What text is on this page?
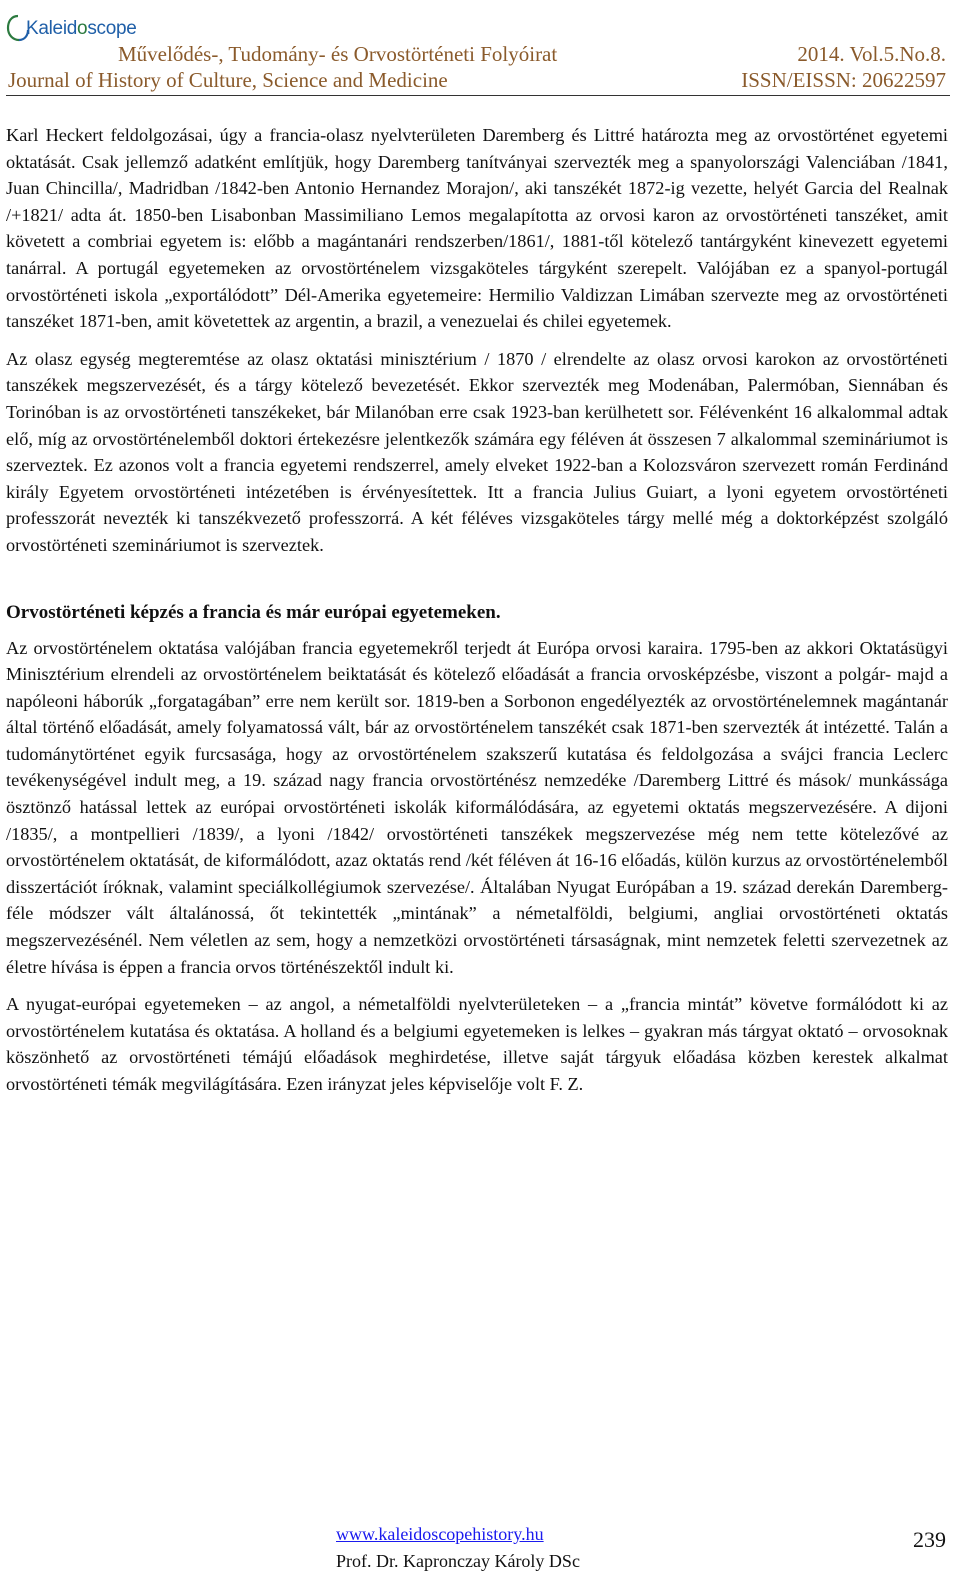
Kaleidoscope
Művelődés-, Tudomány- és Orvostörténeti Folyóirat	2014. Vol.5.No.8.
Journal of History of Culture, Science and Medicine	ISSN/EISSN: 20622597

Karl Heckert feldolgozásai, úgy a francia-olasz nyelvterületen Daremberg és Littré határozta meg az orvostörténet egyetemi oktatását. Csak jellemző adatként említjük, hogy Daremberg tanítványai szervezték meg a spanyolországi Valenciában /1841, Juan Chincilla/, Madridban /1842-ben Antonio Hernandez Morajon/, aki tanszékét 1872-ig vezette, helyét Garcia del Realnak /+1821/ adta át. 1850-ben Lisabonban Massimiliano Lemos megalapította az orvosi karon az orvostörténeti tanszéket, amit követett a combriai egyetem is: előbb a magántanári rendszerben/1861/, 1881-től kötelező tantárgyként kinevezett egyetemi tanárral. A portugál egyetemeken az orvostörténelem vizsgaköteles tárgyként szerepelt. Valójában ez a spanyol-portugál orvostörténeti iskola „exportálódott” Dél-Amerika egyetemeire: Hermilio Valdizzan Limában szervezte meg az orvostörténeti tanszéket 1871-ben, amit követettek az argentin, a brazil, a venezuelai és chilei egyetemek.

Az olasz egység megteremtése az olasz oktatási minisztérium / 1870 / elrendelte az olasz orvosi karokon az orvostörténeti tanszékek megszervezését, és a tárgy kötelező bevezetését. Ekkor szervezték meg Modenában, Palermóban, Siennában és Torinóban is az orvostörténeti tanszékeket, bár Milanóban erre csak 1923-ban kerülhetett sor. Félévenként 16 alkalommal adtak elő, míg az orvostörténelemből doktori értekezésre jelentkezők számára egy féléven át összesen 7 alkalommal szemináriumot is szerveztek. Ez azonos volt a francia egyetemi rendszerrel, amely elveket 1922-ban a Kolozsváron szervezett román Ferdinánd király Egyetem orvostörténeti intézetében is érvényesítettek. Itt a francia Julius Guiart, a lyoni egyetem orvostörténeti professzorát nevezték ki tanszékvezető professzorrá. A két féléves vizsgaköteles tárgy mellé még a doktorképzést szolgáló orvostörténeti szemináriumot is szerveztek.

Orvostörténeti képzés a francia és már európai egyetemeken.

Az orvostörténelem oktatása valójában francia egyetemekről terjedt át Európa orvosi karaira. 1795-ben az akkori Oktatásügyi Minisztérium elrendeli az orvostörténelem beiktatását és kötelező előadását a francia orvosképzésbe, viszont a polgár- majd a napóleoni háborúk „forgatagában” erre nem került sor. 1819-ben a Sorbonon engedélyezték az orvostörténelemnek magántanár által történő előadását, amely folyamatossá vált, bár az orvostörténelem tanszékét csak 1871-ben szervezték át intézetté. Talán a tudománytörténet egyik furcsasága, hogy az orvostörténelem szakszerű kutatása és feldolgozása a svájci francia Leclerc tevékenységével indult meg, a 19. század nagy francia orvostörténész nemzedéke /Daremberg Littré és mások/ munkássága ösztönző hatással lettek az európai orvostörténeti iskolák kiformálódására, az egyetemi oktatás megszervezésére. A dijoni /1835/, a montpellieri /1839/, a lyoni /1842/ orvostörténeti tanszékek megszervezése még nem tette kötelezővé az orvostörténelem oktatását, de kiformálódott, azaz oktatás rend /két féléven át 16-16 előadás, külön kurzus az orvostörténelemből disszertációt íróknak, valamint speciálkollégiumok szervezése/. Általában Nyugat Európában a 19. század derekán Daremberg-féle módszer vált általánossá, őt tekintették „mintának” a németalföldi, belgiumi, angliai orvostörténeti oktatás megszervezésénél. Nem véletlen az sem, hogy a nemzetközi orvostörténeti társaságnak, mint nemzetek feletti szervezetnek az életre hívása is éppen a francia orvos történészektől indult ki.

A nyugat-európai egyetemeken – az angol, a németalföldi nyelvterületeken – a „francia mintát” követve formálódott ki az orvostörténelem kutatása és oktatása. A holland és a belgiumi egyetemeken is lelkes – gyakran más tárgyat oktató – orvosoknak köszönhető az orvostörténeti témájú előadások meghirdetése, illetve saját tárgyuk előadása közben kerestek alkalmat orvostörténeti témák megvilágítására. Ezen irányzat jeles képviselője volt F. Z.

www.kaleidoscopehistory.hu
Prof. Dr. Kapronczay Károly DSc
239
